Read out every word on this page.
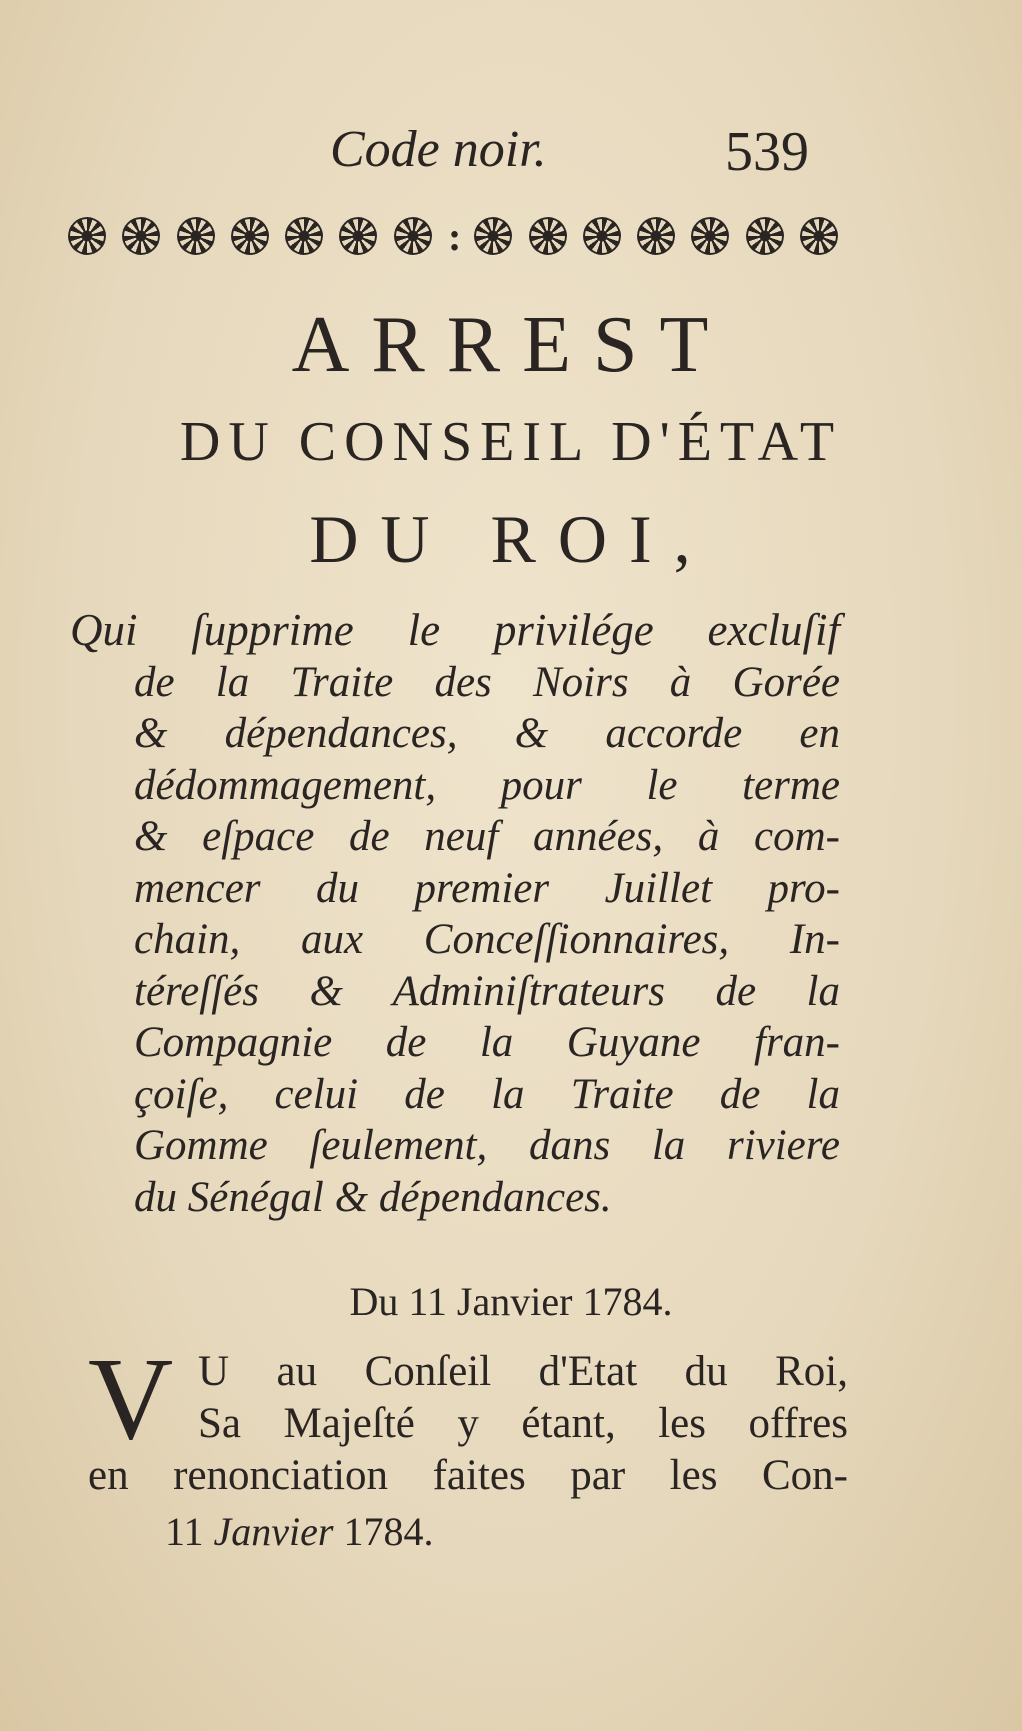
Code noir.	539
:
ARREST
DU CONSEIL D'ÉTAT
DU ROI,
Qui ſupprime le privilége excluſif
de la Traite des Noirs à Gorée
& dépendances, & accorde en
dédommagement, pour le terme
& eſpace de neuf années, à com-
mencer du premier Juillet pro-
chain, aux Conceſſionnaires, In-
téreſſés & Adminiſtrateurs de la
Compagnie de la Guyane fran-
çoiſe, celui de la Traite de la
Gomme ſeulement, dans la riviere
du Sénégal & dépendances.
Du 11 Janvier 1784.
V U au Conſeil d'Etat du Roi,
Sa Majeſté y étant, les offres
en renonciation faites par les Con-
11 Janvier 1784.
